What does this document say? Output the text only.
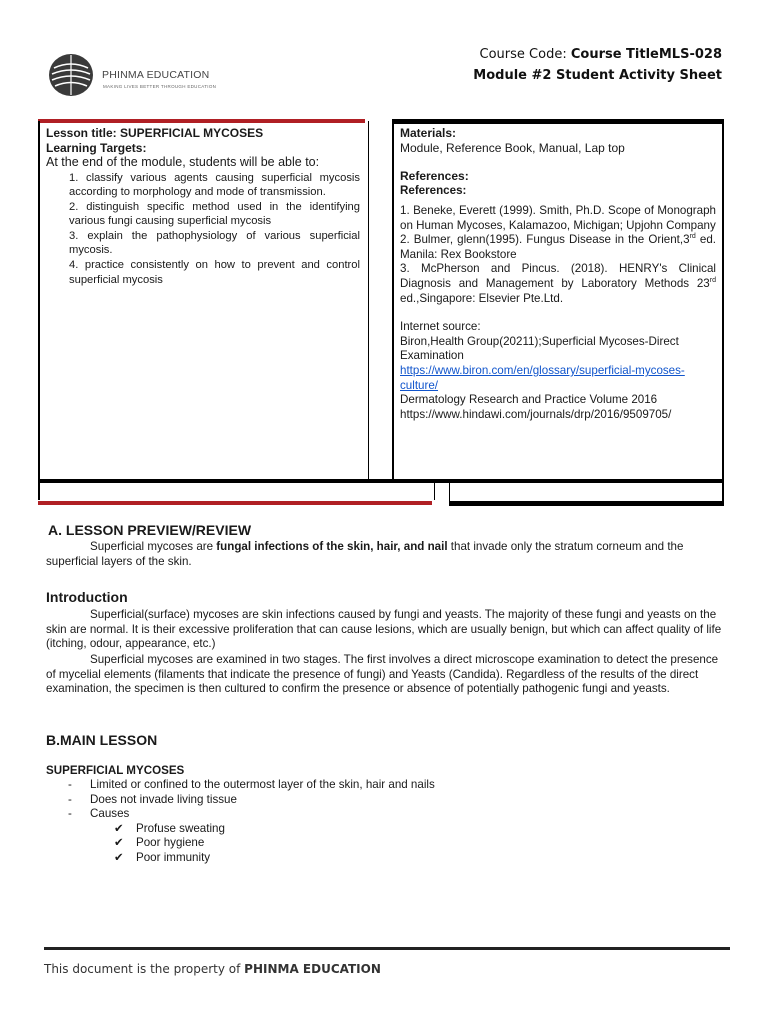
PHINMA EDUCATION
MAKING LIVES BETTER THROUGH EDUCATION
Course Code: Course TitleMLS-028
Module #2 Student Activity Sheet
Lesson title: SUPERFICIAL MYCOSES
Learning Targets:
At the end of the module, students will be able to:
1. classify various agents causing superficial mycosis according to morphology and mode of transmission.
2. distinguish specific method used in the identifying various fungi causing superficial mycosis
3. explain the pathophysiology of various superficial mycosis.
4. practice consistently on how to prevent and control superficial mycosis
Materials:
Module, Reference Book, Manual, Lap top
References:
References:
1. Beneke, Everett (1999). Smith, Ph.D. Scope of Monograph on Human Mycoses, Kalamazoo, Michigan; Upjohn Company
2. Bulmer, glenn(1995). Fungus Disease in the Orient,3rd ed. Manila: Rex Bookstore
3. McPherson and Pincus. (2018). HENRY's Clinical Diagnosis and Management by Laboratory Methods 23rd ed.,Singapore: Elsevier Pte.Ltd.
Internet source:
Biron,Health Group(20211);Superficial Mycoses-Direct Examination
https://www.biron.com/en/glossary/superficial-mycoses-culture/
Dermatology Research and Practice Volume 2016
https://www.hindawi.com/journals/drp/2016/9509705/
A. LESSON PREVIEW/REVIEW
Superficial mycoses are fungal infections of the skin, hair, and nail that invade only the stratum corneum and the superficial layers of the skin.
Introduction
Superficial(surface) mycoses are skin infections caused by fungi and yeasts. The majority of these fungi and yeasts on the skin are normal. It is their excessive proliferation that can cause lesions, which are usually benign, but which can affect quality of life (itching, odour, appearance, etc.)
Superficial mycoses are examined in two stages. The first involves a direct microscope examination to detect the presence of mycelial elements (filaments that indicate the presence of fungi) and Yeasts (Candida). Regardless of the results of the direct examination, the specimen is then cultured to confirm the presence or absence of potentially pathogenic fungi and yeasts.
B.MAIN LESSON
SUPERFICIAL MYCOSES
- Limited or confined to the outermost layer of the skin, hair and nails
- Does not invade living tissue
- Causes
✔ Profuse sweating
✔ Poor hygiene
✔ Poor immunity
This document is the property of PHINMA EDUCATION
